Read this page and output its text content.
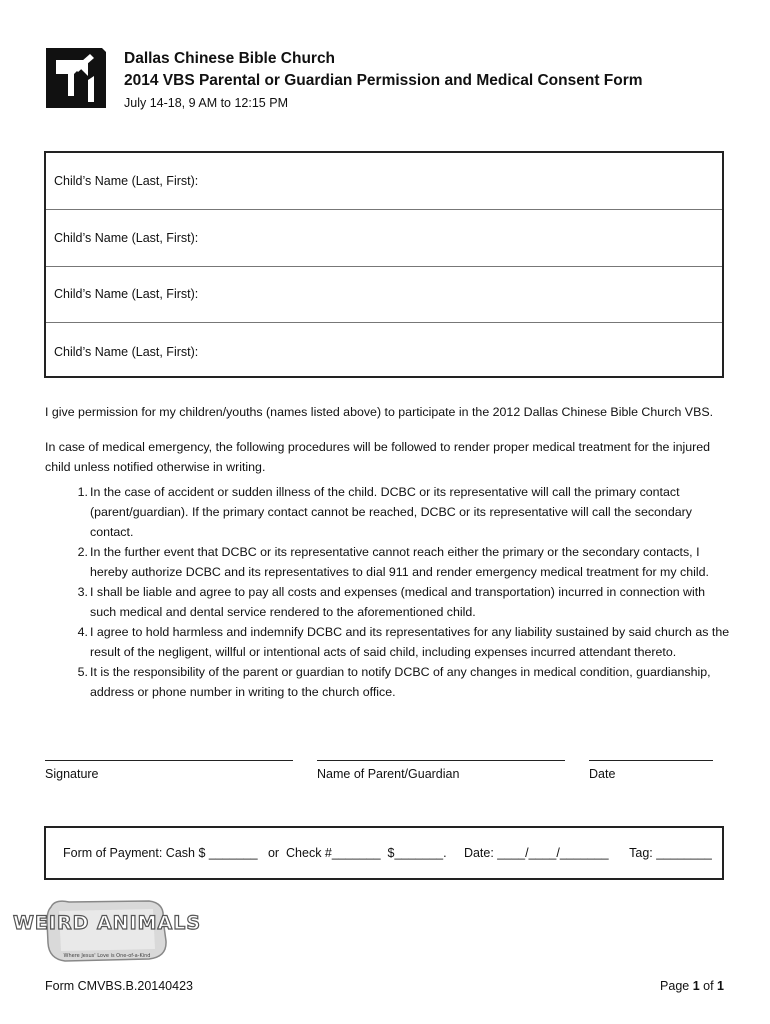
Dallas Chinese Bible Church
2014 VBS Parental or Guardian Permission and Medical Consent Form
July 14-18, 9 AM to 12:15 PM
Child’s Name (Last, First):
Child’s Name (Last, First):
Child’s Name (Last, First):
Child’s Name (Last, First):

I give permission for my children/youths (names listed above) to participate in the 2012 Dallas Chinese Bible Church VBS.

In case of medical emergency, the following procedures will be followed to render proper medical treatment for the injured child unless notified otherwise in writing.

1. In the case of accident or sudden illness of the child. DCBC or its representative will call the primary contact (parent/guardian). If the primary contact cannot be reached, DCBC or its representative will call the secondary contact.
2. In the further event that DCBC or its representative cannot reach either the primary or the secondary contacts, I hereby authorize DCBC and its representatives to dial 911 and render emergency medical treatment for my child.
3. I shall be liable and agree to pay all costs and expenses (medical and transportation) incurred in connection with such medical and dental service rendered to the aforementioned child.
4. I agree to hold harmless and indemnify DCBC and its representatives for any liability sustained by said church as the result of the negligent, willful or intentional acts of said child, including expenses incurred attendant thereto.
5. It is the responsibility of the parent or guardian to notify DCBC of any changes in medical condition, guardianship, address or phone number in writing to the church office.
Signature	Name of Parent/Guardian	Date
Form of Payment: Cash $ _______   or  Check #_______  $_______.     Date: ____/____/_______      Tag: ________
WEIRD ANIMALS
Where Jesus' Love is One-of-a-Kind
Form CMVBS.B.20140423	Page 1 of 1
